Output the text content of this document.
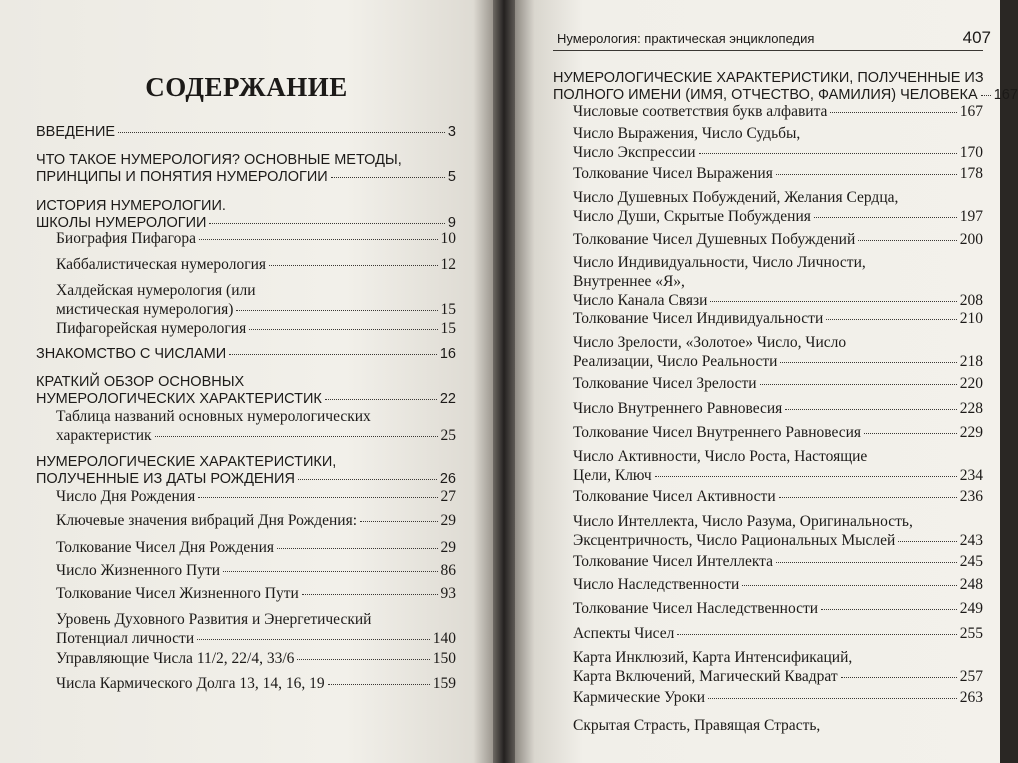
СОДЕРЖАНИЕ
ВВЕДЕНИЕ	3
ЧТО ТАКОЕ НУМЕРОЛОГИЯ? ОСНОВНЫЕ МЕТОДЫ,
ПРИНЦИПЫ И ПОНЯТИЯ НУМЕРОЛОГИИ	5
ИСТОРИЯ НУМЕРОЛОГИИ.
ШКОЛЫ НУМЕРОЛОГИИ	9
Биография Пифагора	10
Каббалистическая нумерология	12
Халдейская нумерология (или
мистическая нумерология)	15
Пифагорейская нумерология	15
ЗНАКОМСТВО С ЧИСЛАМИ	16
КРАТКИЙ ОБЗОР ОСНОВНЫХ
НУМЕРОЛОГИЧЕСКИХ ХАРАКТЕРИСТИК	22
Таблица названий основных нумерологических
характеристик	25
НУМЕРОЛОГИЧЕСКИЕ ХАРАКТЕРИСТИКИ,
ПОЛУЧЕННЫЕ ИЗ ДАТЫ РОЖДЕНИЯ	26
Число Дня Рождения	27
Ключевые значения вибраций Дня Рождения:	29
Толкование Чисел Дня Рождения	29
Число Жизненного Пути	86
Толкование Чисел Жизненного Пути	93
Уровень Духовного Развития и Энергетический
Потенциал личности	140
Управляющие Числа 11/2, 22/4, 33/6	150
Числа Кармического Долга 13, 14, 16, 19	159
Нумерология: практическая энциклопедия	407
НУМЕРОЛОГИЧЕСКИЕ ХАРАКТЕРИСТИКИ, ПОЛУЧЕННЫЕ ИЗ
ПОЛНОГО ИМЕНИ (ИМЯ, ОТЧЕСТВО, ФАМИЛИЯ) ЧЕЛОВЕКА 167
Числовые соответствия букв алфавита	167
Число Выражения, Число Судьбы,
Число Экспрессии	170
Толкование Чисел Выражения	178
Число Душевных Побуждений, Желания Сердца,
Число Души, Скрытые Побуждения	197
Толкование Чисел Душевных Побуждений	200
Число Индивидуальности, Число Личности,
Внутреннее «Я»,
Число Канала Связи	208
Толкование Чисел Индивидуальности	210
Число Зрелости, «Золотое» Число, Число
Реализации, Число Реальности	218
Толкование Чисел Зрелости	220
Число Внутреннего Равновесия	228
Толкование Чисел Внутреннего Равновесия	229
Число Активности, Число Роста, Настоящие
Цели, Ключ	234
Толкование Чисел Активности	236
Число Интеллекта, Число Разума, Оригинальность,
Эксцентричность, Число Рациональных Мыслей	243
Толкование Чисел Интеллекта	245
Число Наследственности	248
Толкование Чисел Наследственности	249
Аспекты Чисел	255
Карта Инклюзий, Карта Интенсификаций,
Карта Включений, Магический Квадрат	257
Кармические Уроки	263
Скрытая Страсть, Правящая Страсть,
